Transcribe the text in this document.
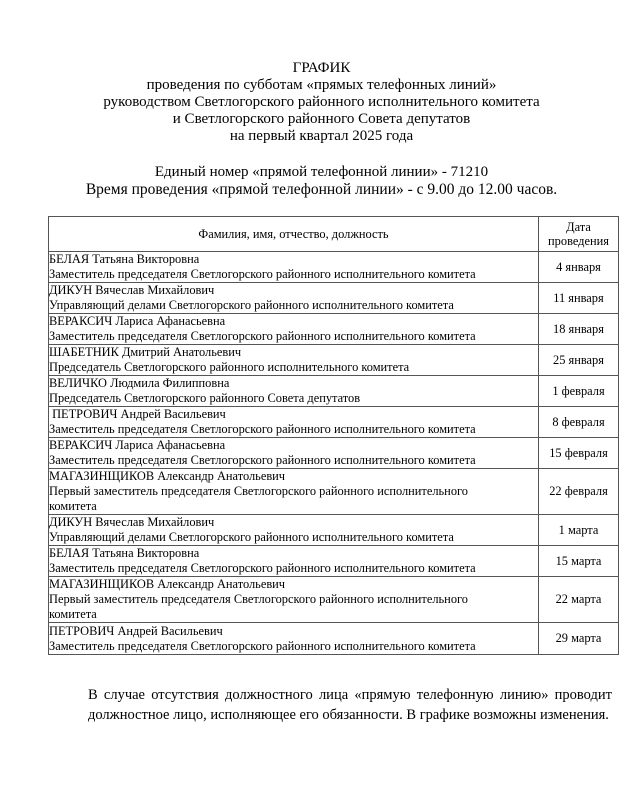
ГРАФИК
проведения по субботам «прямых телефонных линий»
руководством Светлогорского районного исполнительного комитета
и Светлогорского районного Совета депутатов
на первый квартал 2025 года
Единый номер «прямой телефонной линии» - 71210
Время проведения «прямой телефонной линии» - с 9.00 до 12.00 часов.
Фамилия, имя, отчество, должность	Дата
проведения

БЕЛАЯ Татьяна Викторовна
Заместитель председателя Светлогорского районного исполнительного комитета	4 января

ДИКУН Вячеслав Михайлович
Управляющий делами Светлогорского районного исполнительного комитета	11 января

ВЕРАКСИЧ Лариса Афанасьевна
Заместитель председателя Светлогорского районного исполнительного комитета	18 января

ШАБЕТНИК Дмитрий Анатольевич
Председатель Светлогорского районного исполнительного комитета	25 января

ВЕЛИЧКО Людмила Филипповна
Председатель Светлогорского районного Совета депутатов	1 февраля

ПЕТРОВИЧ Андрей Васильевич
Заместитель председателя Светлогорского районного исполнительного комитета	8 февраля

ВЕРАКСИЧ Лариса Афанасьевна
Заместитель председателя Светлогорского районного исполнительного комитета	15 февраля

МАГАЗИНЩИКОВ Александр Анатольевич
Первый заместитель председателя Светлогорского районного исполнительного
комитета	22 февраля

ДИКУН Вячеслав Михайлович
Управляющий делами Светлогорского районного исполнительного комитета	1 марта

БЕЛАЯ Татьяна Викторовна
Заместитель председателя Светлогорского районного исполнительного комитета	15 марта

МАГАЗИНЩИКОВ Александр Анатольевич
Первый заместитель председателя Светлогорского районного исполнительного
комитета	22 марта

ПЕТРОВИЧ Андрей Васильевич
Заместитель председателя Светлогорского районного исполнительного комитета	29 марта

В случае отсутствия должностного лица «прямую телефонную линию» проводит должностное лицо, исполняющее его обязанности. В графике возможны изменения.
